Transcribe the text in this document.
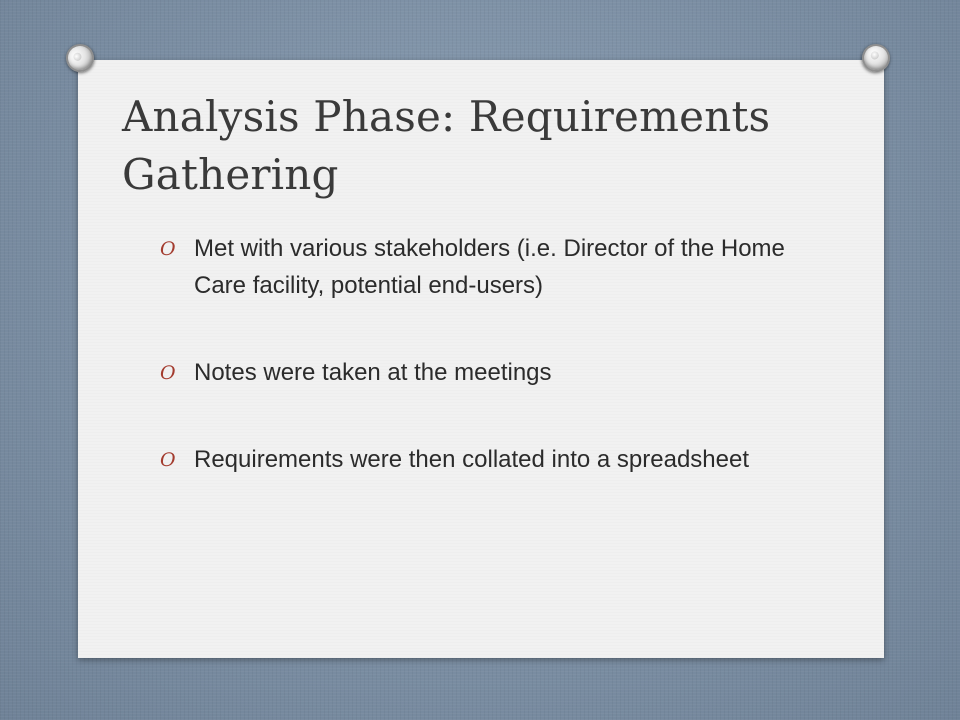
Analysis Phase: Requirements Gathering
O Met with various stakeholders (i.e. Director of the Home Care facility, potential end-users)
O Notes were taken at the meetings
O Requirements were then collated into a spreadsheet
